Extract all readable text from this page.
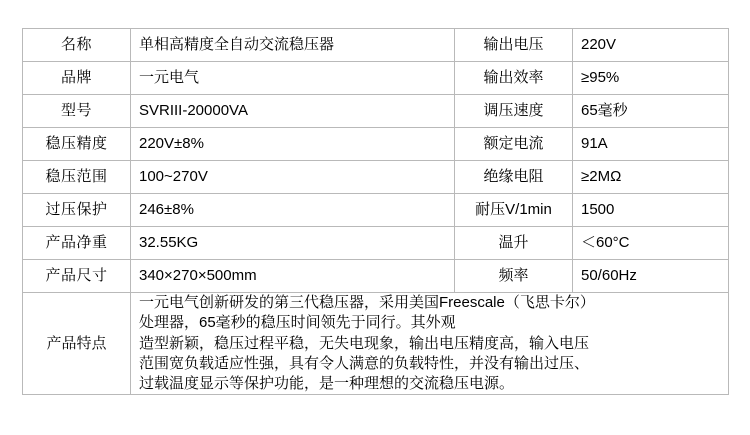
名称	单相高精度全自动交流稳压器	输出电压	220V
品牌	一元电气	输出效率	≥95%
型号	SVRIII-20000VA	调压速度	65毫秒
稳压精度	220V±8%	额定电流	91A
稳压范围	100~270V	绝缘电阻	≥2MΩ
过压保护	246±8%	耐压V/1min	1500
产品净重	32.55KG	温升	＜60°C
产品尺寸	340×270×500mm	频率	50/60Hz
产品特点	一元电气创新研发的第三代稳压器，采用美国Freescale（飞思卡尔）

处理器，65毫秒的稳压时间领先于同行。其外观

造型新颖，稳压过程平稳，无失电现象，输出电压精度高，输入电压

范围宽负载适应性强，具有令人满意的负载特性，并没有输出过压、

过载温度显示等保护功能，是一种理想的交流稳压电源。		
